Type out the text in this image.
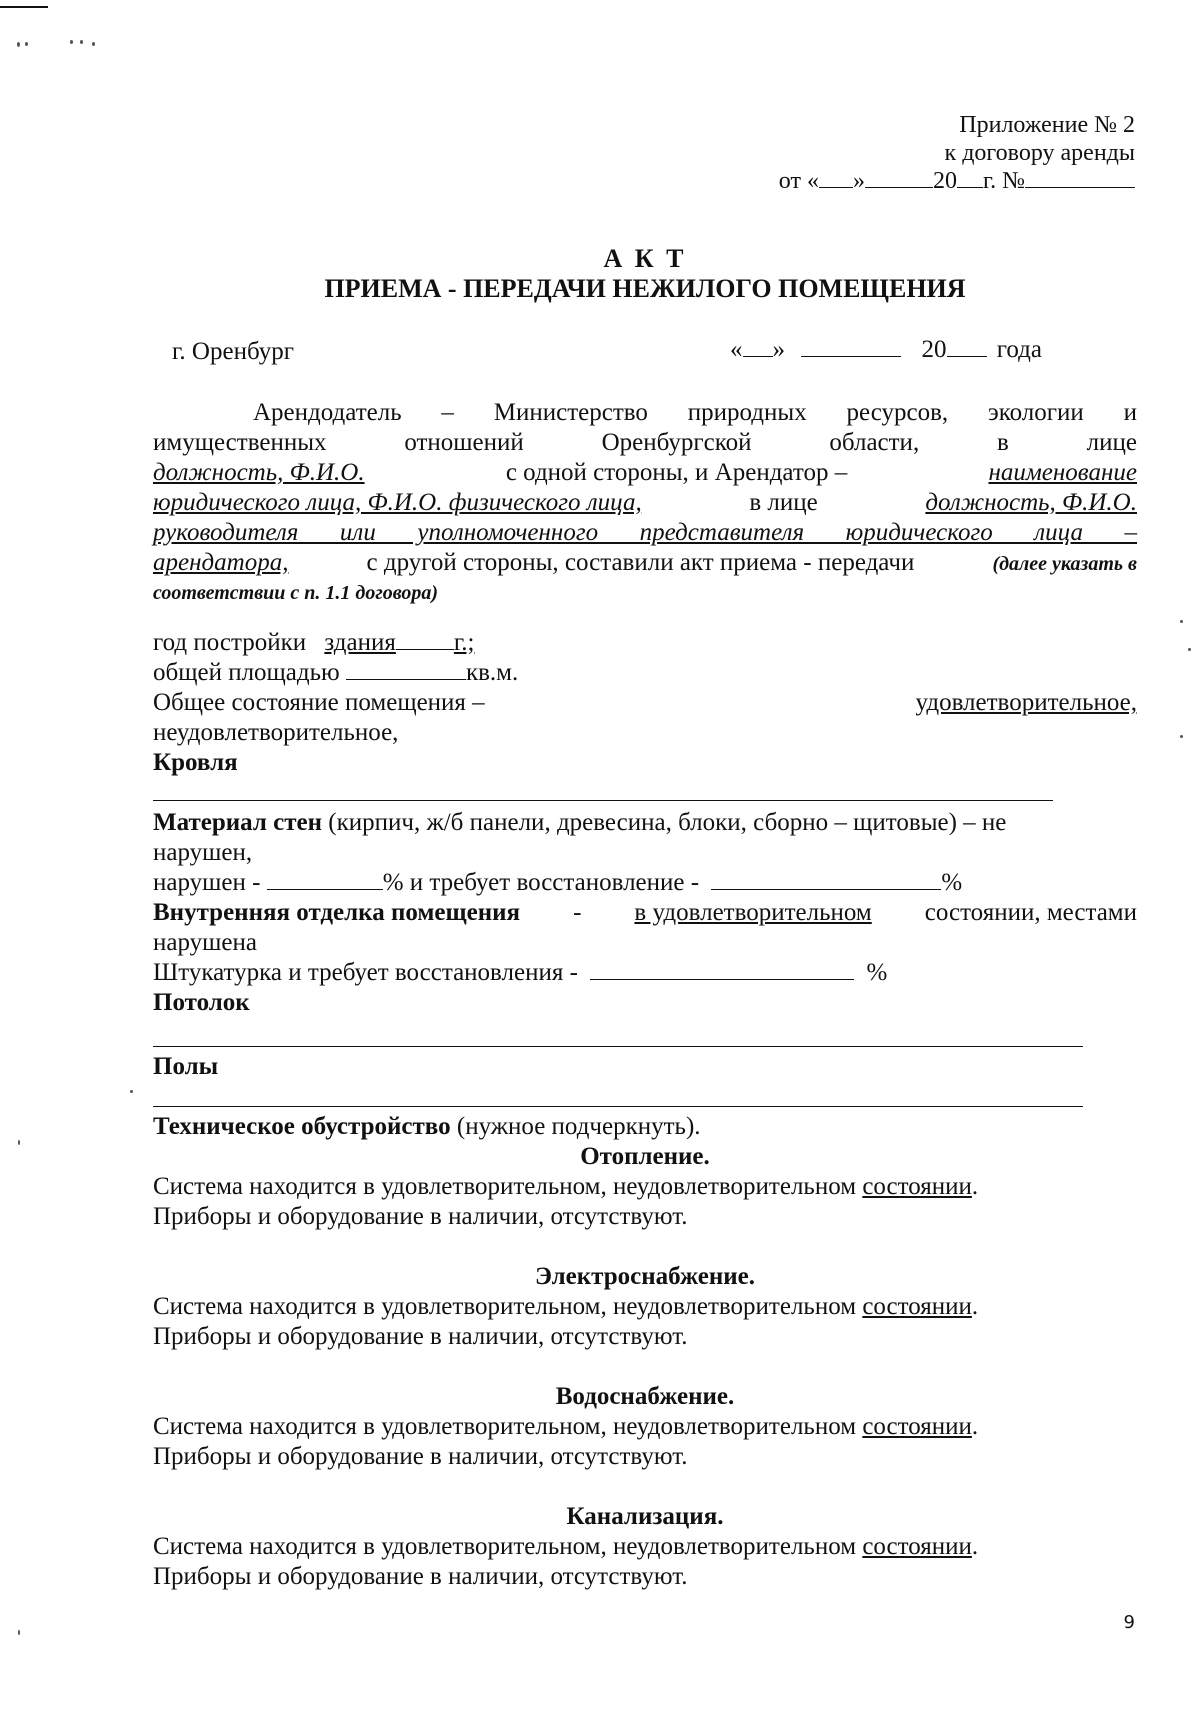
Приложение № 2
к договору аренды
от « »	20 г. №
А К Т
ПРИЕМА - ПЕРЕДАЧИ НЕЖИЛОГО ПОМЕЩЕНИЯ
г. Оренбург	« »	20 года
Арендодатель – Министерство природных ресурсов, экологии и
имущественных отношений Оренбургской области, в лице
должность, Ф.И.О.	с одной стороны, и Арендатор –	наименование
юридического лица, Ф.И.О. физического лица,	в лице	должность, Ф.И.О.
руководителя или уполномоченного представителя юридического лица –
арендатора,	с другой стороны, составили акт приема - передачи	(далее указать в
соответствии с п. 1.1 договора)
год постройки здания г.;
общей площадью	кв.м.
Общее состояние помещения –	удовлетворительное,
неудовлетворительное,
Кровля
Материал стен (кирпич, ж/б панели, древесина, блоки, сборно – щитовые) – не
нарушен,
нарушен -	% и требует восстановление -	%
Внутренняя отделка помещения - в удовлетворительном состоянии, местами
нарушена
Штукатурка и требует восстановления -	%
Потолок
Полы
Техническое обустройство (нужное подчеркнуть).
Отопление.
Система находится в удовлетворительном, неудовлетворительном состоянии.
Приборы и оборудование в наличии, отсутствуют.
Электроснабжение.
Система находится в удовлетворительном, неудовлетворительном состоянии.
Приборы и оборудование в наличии, отсутствуют.
Водоснабжение.
Система находится в удовлетворительном, неудовлетворительном состоянии.
Приборы и оборудование в наличии, отсутствуют.
Канализация.
Система находится в удовлетворительном, неудовлетворительном состоянии.
Приборы и оборудование в наличии, отсутствуют.
9
